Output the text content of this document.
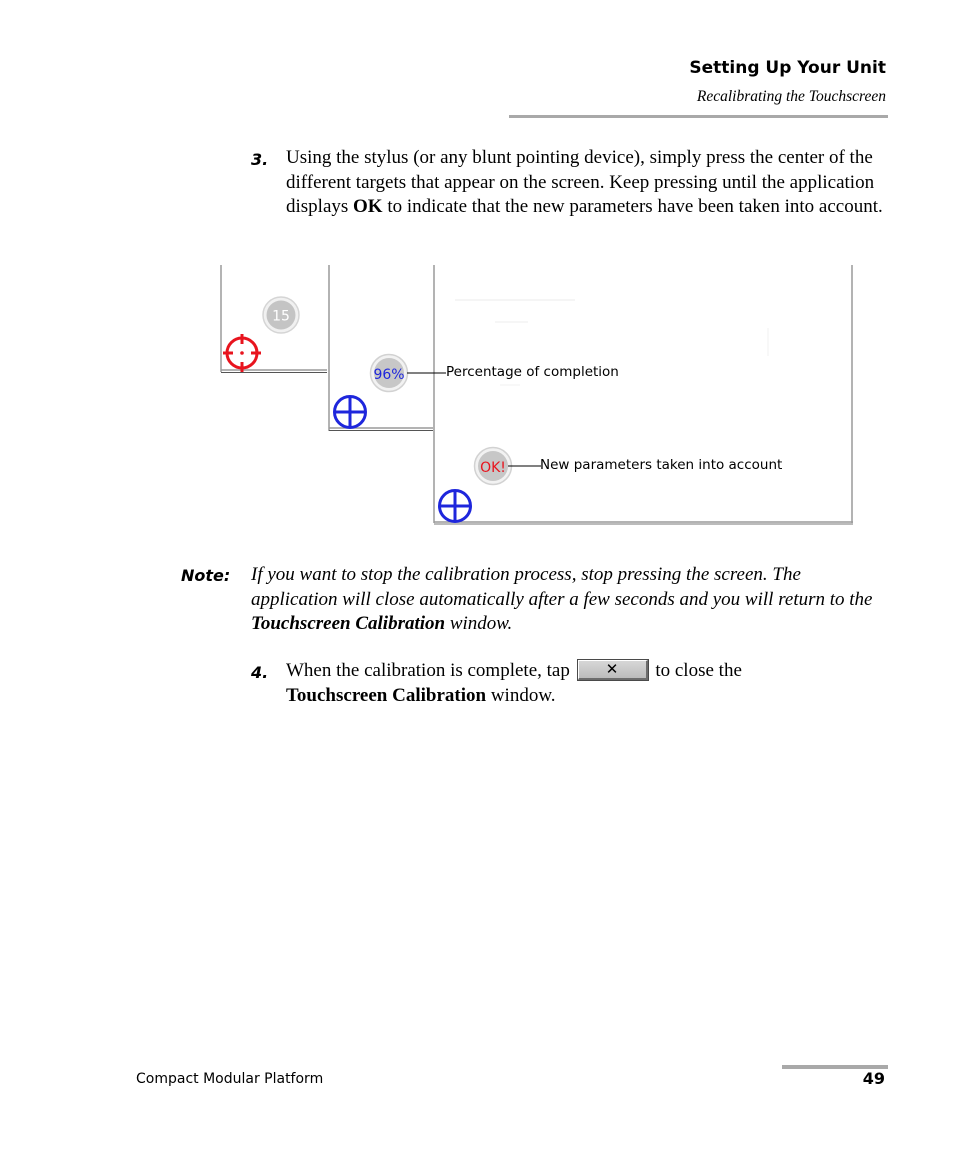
Setting Up Your Unit
Recalibrating the Touchscreen
3. Using the stylus (or any blunt pointing device), simply press the center of the different targets that appear on the screen. Keep pressing until the application displays OK to indicate that the new parameters have been taken into account.
15
96%
OK!
Percentage of completion
New parameters taken into account
Note: If you want to stop the calibration process, stop pressing the screen. The application will close automatically after a few seconds and you will return to the Touchscreen Calibration window.
4. When the calibration is complete, tap ✕ to close the
Touchscreen Calibration window.
Compact Modular Platform	49
